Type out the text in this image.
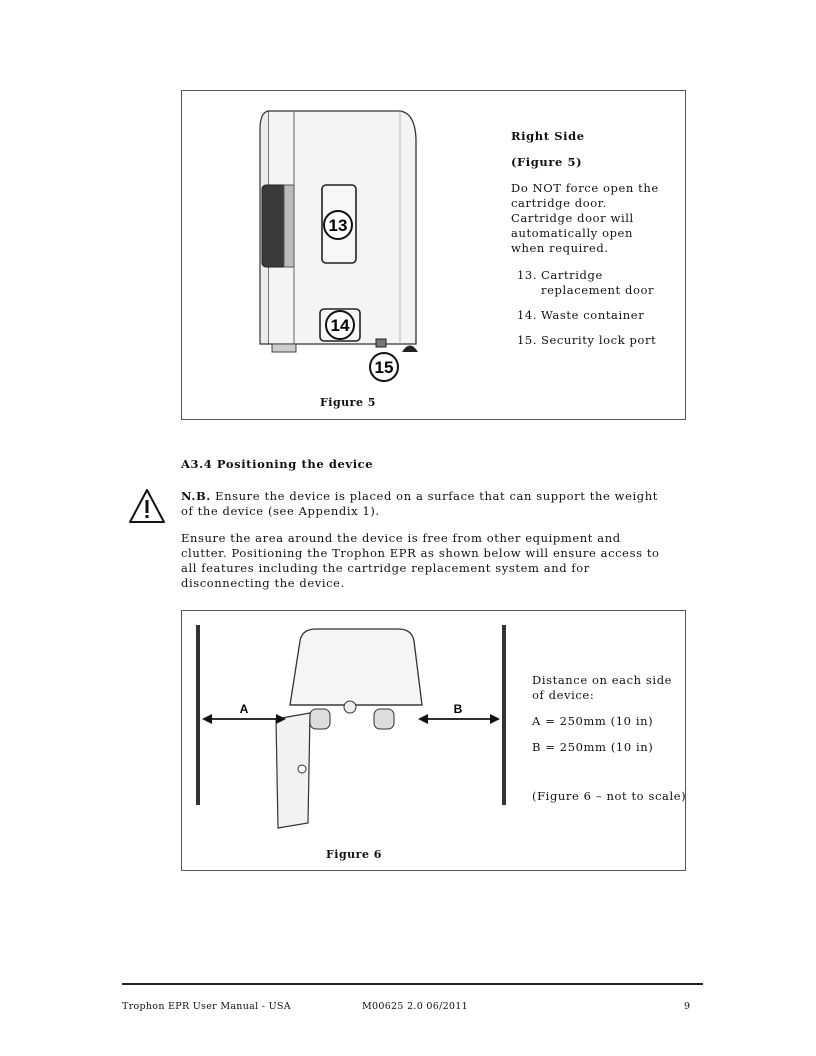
13
14
15
Right Side
(Figure 5)
Do NOT force open the cartridge door. Cartridge door will automatically open when required.
13. Cartridge replacement door
14. Waste container
15. Security lock port
Figure 5
A3.4 Positioning the device
N.B. Ensure the device is placed on a surface that can support the weight of the device (see Appendix 1).
Ensure the area around the device is free from other equipment and clutter. Positioning the Trophon EPR as shown below will ensure access to all features including the cartridge replacement system and for disconnecting the device.
A	B
Distance on each side of device:
A = 250mm (10 in)
B = 250mm (10 in)
(Figure 6 – not to scale)
Figure 6
Trophon EPR User Manual - USA	M00625 2.0 06/2011	9
